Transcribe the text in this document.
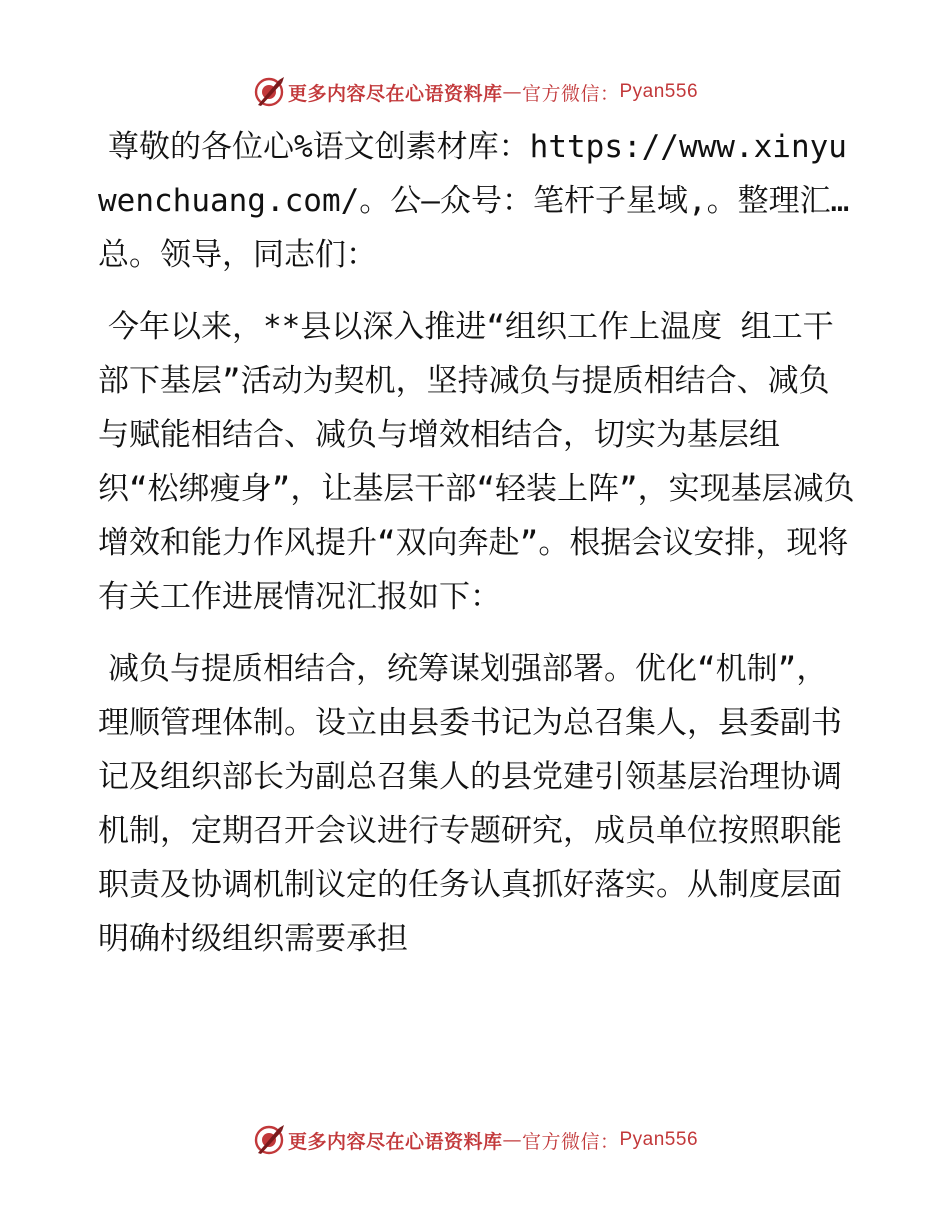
更多内容尽在心语资料库 — 官方微信： Pyan556

尊敬的各位心%语文创素材库：https://www.xinyuwenchuang.com/。公—众号：笔杆子星域,。整理汇…总。领导，同志们：

今年以来，**县以深入推进“组织工作上温度 组工干部下基层”活动为契机，坚持减负与提质相结合、减负与赋能相结合、减负与增效相结合，切实为基层组织“松绑瘦身”，让基层干部“轻装上阵”，实现基层减负增效和能力作风提升“双向奔赴”。根据会议安排，现将有关工作进展情况汇报如下：

减负与提质相结合，统筹谋划强部署。优化“机制”，理顺管理体制。设立由县委书记为总召集人，县委副书记及组织部长为副总召集人的县党建引领基层治理协调机制，定期召开会议进行专题研究，成员单位按照职能职责及协调机制议定的任务认真抓好落实。从制度层面明确村级组织需要承担

更多内容尽在心语资料库 — 官方微信： Pyan556
